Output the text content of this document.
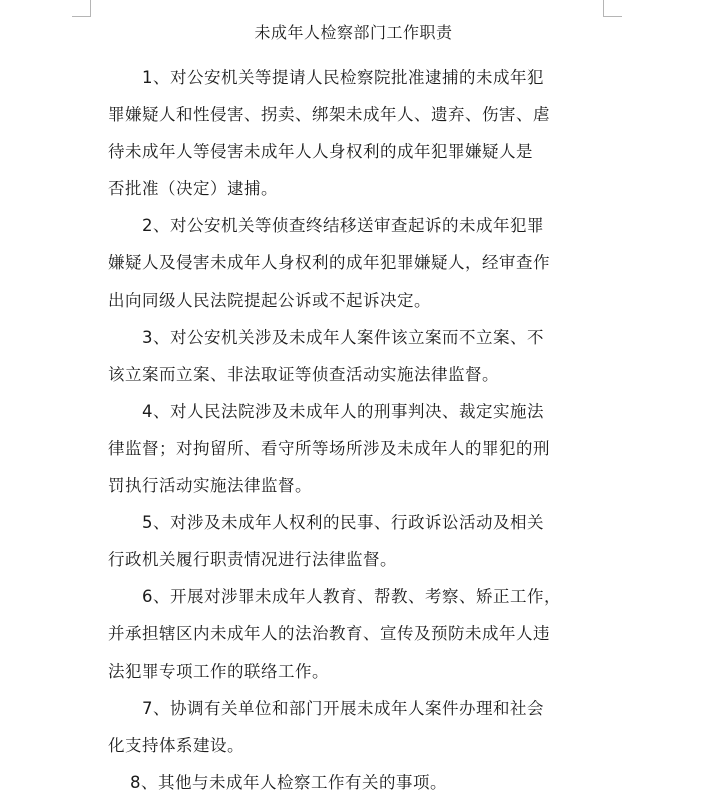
未成年人检察部门工作职责
1、对公安机关等提请人民检察院批准逮捕的未成年犯
罪嫌疑人和性侵害、拐卖、绑架未成年人、遗弃、伤害、虐
待未成年人等侵害未成年人人身权利的成年犯罪嫌疑人是
否批准（决定）逮捕。
2、对公安机关等侦查终结移送审查起诉的未成年犯罪
嫌疑人及侵害未成年人身权利的成年犯罪嫌疑人，经审查作
出向同级人民法院提起公诉或不起诉决定。
3、对公安机关涉及未成年人案件该立案而不立案、不
该立案而立案、非法取证等侦查活动实施法律监督。
4、对人民法院涉及未成年人的刑事判决、裁定实施法
律监督；对拘留所、看守所等场所涉及未成年人的罪犯的刑
罚执行活动实施法律监督。
5、对涉及未成年人权利的民事、行政诉讼活动及相关
行政机关履行职责情况进行法律监督。
6、开展对涉罪未成年人教育、帮教、考察、矫正工作，
并承担辖区内未成年人的法治教育、宣传及预防未成年人违
法犯罪专项工作的联络工作。
7、协调有关单位和部门开展未成年人案件办理和社会
化支持体系建设。
8、其他与未成年人检察工作有关的事项。
